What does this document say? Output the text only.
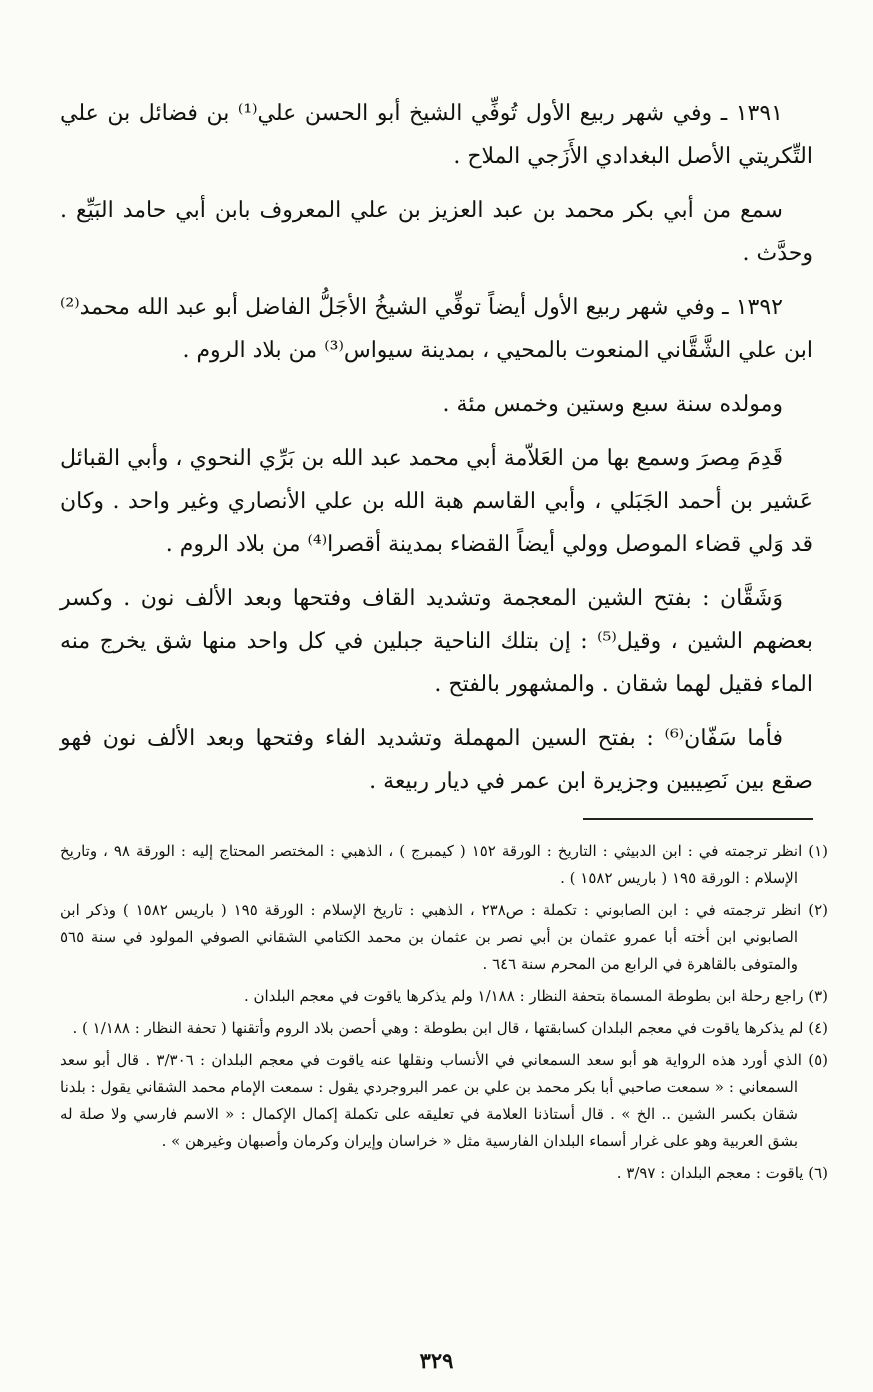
١٣٩١ ـ وفي شهر ربيع الأول تُوفِّي الشيخ أبو الحسن علي⁽¹⁾ بن فضائل بن علي التِّكريتي الأصل البغدادي الأَزَجي الملاح .

سمع من أبي بكر محمد بن عبد العزيز بن علي المعروف بابن أبي حامد البَيِّع . وحدَّث .

١٣٩٢ ـ وفي شهر ربيع الأول أيضاً توفِّي الشيخُ الأجَلُّ الفاضل أبو عبد الله محمد⁽²⁾ ابن علي الشَّقَّاني المنعوت بالمحيي ، بمدينة سيواس⁽³⁾ من بلاد الروم .

ومولده سنة سبع وستين وخمس مئة .

قَدِمَ مِصرَ وسمع بها من العَلاّمة أبي محمد عبد الله بن بَرِّي النحوي ، وأبي القبائل عَشير بن أحمد الجَبَلي ، وأبي القاسم هبة الله بن علي الأنصاري وغير واحد . وكان قد وَلي قضاء الموصل وولي أيضاً القضاء بمدينة أقصرا⁽⁴⁾ من بلاد الروم .

وَشَقَّان : بفتح الشين المعجمة وتشديد القاف وفتحها وبعد الألف نون . وكسر بعضهم الشين ، وقيل⁽⁵⁾ : إن بتلك الناحية جبلين في كل واحد منها شق يخرج منه الماء فقيل لهما شقان . والمشهور بالفتح .

فأما سَفّان⁽⁶⁾ : بفتح السين المهملة وتشديد الفاء وفتحها وبعد الألف نون فهو صقع بين نَصِيبين وجزيرة ابن عمر في ديار ربيعة .

(١) انظر ترجمته في : ابن الدبيثي : التاريخ : الورقة ١٥٢ ( كيمبرج ) ، الذهبي : المختصر المحتاج إليه : الورقة ٩٨ ، وتاريخ الإسلام : الورقة ١٩٥ ( باريس ١٥٨٢ ) .

(٢) انظر ترجمته في : ابن الصابوني : تكملة : ص٢٣٨ ، الذهبي : تاريخ الإسلام : الورقة ١٩٥ ( باريس ١٥٨٢ ) وذكر ابن الصابوني ابن أخته أبا عمرو عثمان بن أبي نصر بن عثمان بن محمد الكتامي الشقاني الصوفي المولود في سنة ٥٦٥ والمتوفى بالقاهرة في الرابع من المحرم سنة ٦٤٦ .

(٣) راجع رحلة ابن بطوطة المسماة بتحفة النظار : ١/١٨٨ ولم يذكرها ياقوت في معجم البلدان .

(٤) لم يذكرها ياقوت في معجم البلدان كسابقتها ، قال ابن بطوطة : وهي أحصن بلاد الروم وأتقنها ( تحفة النظار : ١/١٨٨ ) .

(٥) الذي أورد هذه الرواية هو أبو سعد السمعاني في الأنساب ونقلها عنه ياقوت في معجم البلدان : ٣/٣٠٦ . قال أبو سعد السمعاني : « سمعت صاحبي أبا بكر محمد بن علي بن عمر البروجردي يقول : سمعت الإمام محمد الشقاني يقول : بلدنا شقان بكسر الشين .. الخ » . قال أستاذنا العلامة في تعليقه على تكملة إكمال الإكمال : « الاسم فارسي ولا صلة له بشق العربية وهو على غرار أسماء البلدان الفارسية مثل « خراسان وإيران وكرمان وأصبهان وغيرهن » .

(٦) ياقوت : معجم البلدان : ٣/٩٧ .

٣٢٩
